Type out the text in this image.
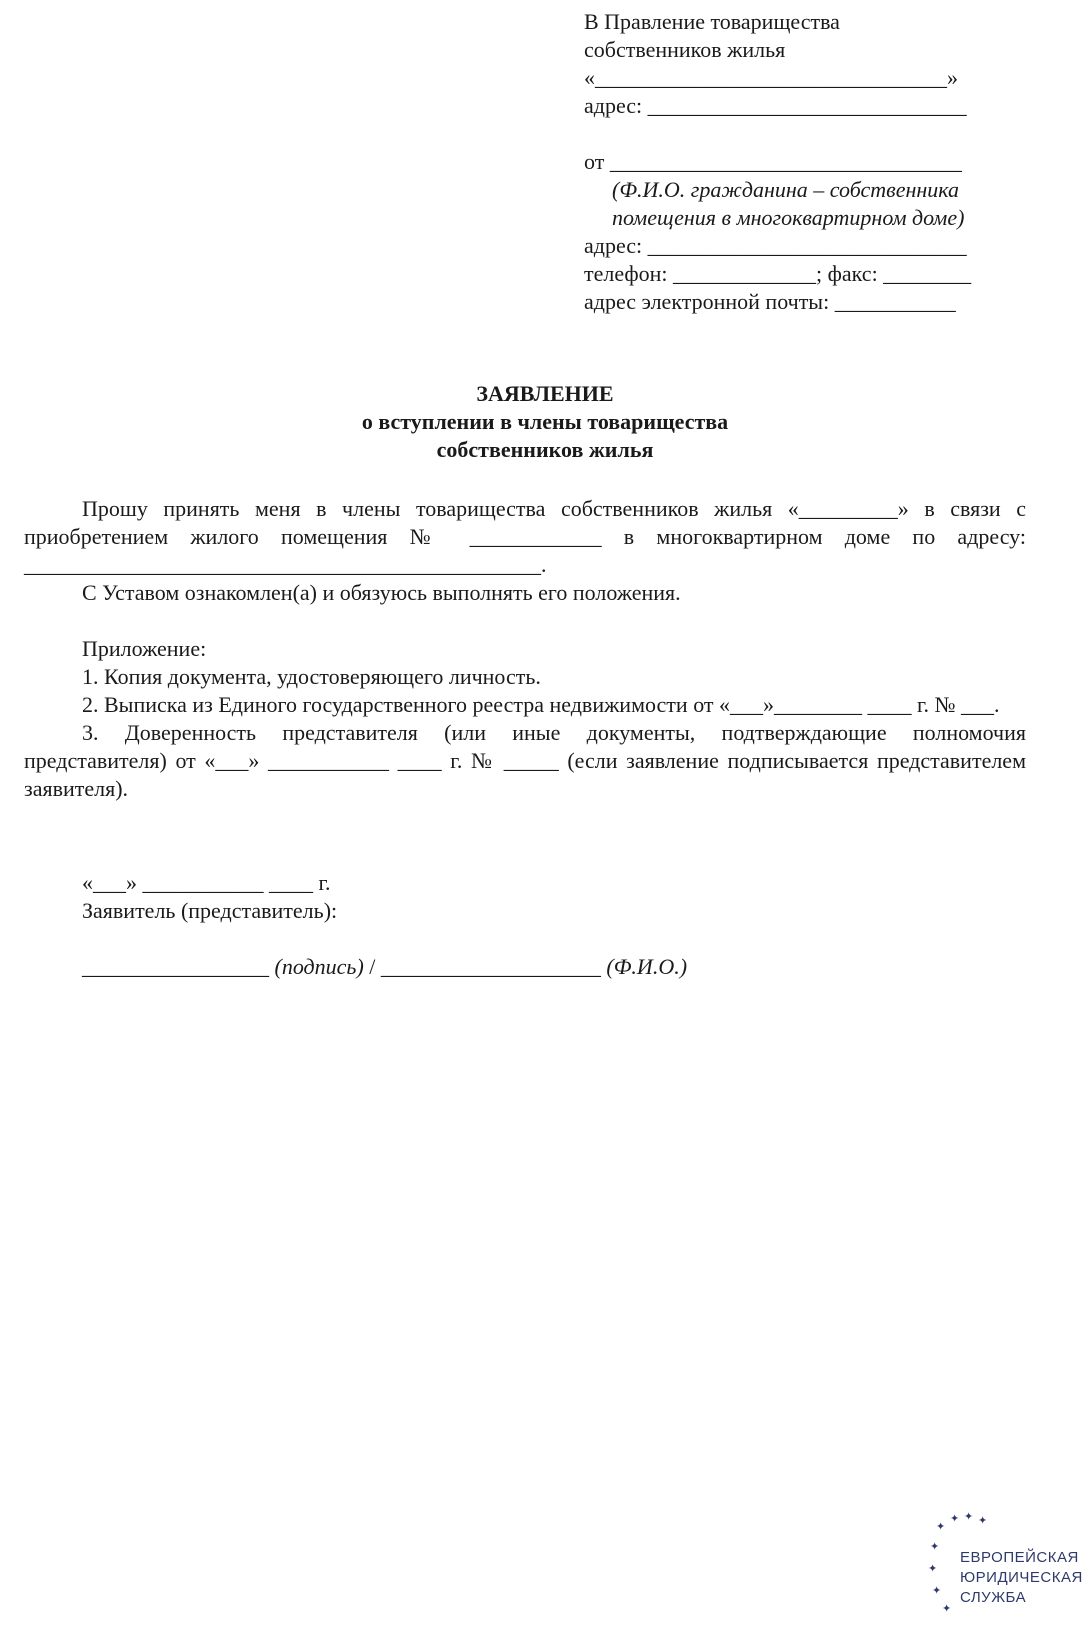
В Правление товарищества
собственников жилья
«________________________________»
адрес: _____________________________
от ________________________________
(Ф.И.О. гражданина – собственника помещения в многоквартирном доме)
адрес: _____________________________
телефон: _____________; факс: ________
адрес электронной почты: ___________
ЗАЯВЛЕНИЕ
о вступлении в члены товарищества
собственников жилья

Прошу принять меня в члены товарищества собственников жилья «_________» в связи с приобретением жилого помещения № ____________ в многоквартирном доме по адресу: _______________________________________________.

С Уставом ознакомлен(а) и обязуюсь выполнять его положения.

Приложение:

1. Копия документа, удостоверяющего личность.

2. Выписка из Единого государственного реестра недвижимости от «___»________ ____ г. № ___.

3. Доверенность представителя (или иные документы, подтверждающие полномочия представителя) от «___» ___________ ____ г. № _____ (если заявление подписывается представителем заявителя).

«___» ___________ ____ г.
Заявитель (представитель):
_________________ (подпись) / ____________________ (Ф.И.О.)
✦
✦ ✦ ✦
✦
✦
✦
✦
ЕВРОПЕЙСКАЯ
ЮРИДИЧЕСКАЯ
СЛУЖБА
